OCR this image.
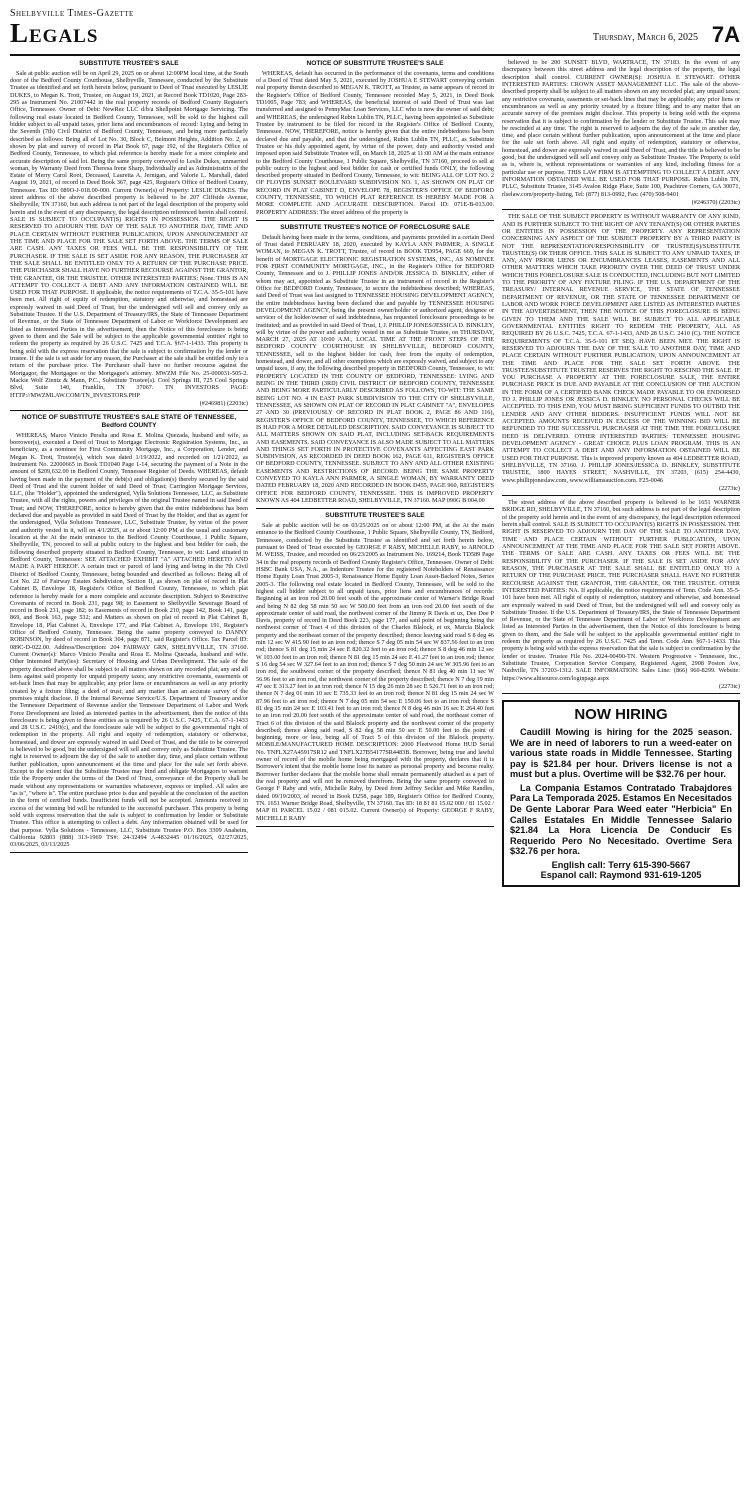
Shelbyville Times-Gazette
Legals	Thursday, March 6, 2025 7A
SUBSTITUTE TRUSTEE'S SALE

Sale at public auction will be on April 29, 2025 on or about 12:00PM local time, at the South door of the Bedford County Courthouse, Shelbyville, Tennessee, conducted by the Substitute Trustee as identified and set forth herein below, pursuant to Deed of Trust executed by LESLIE DUKES, to Megan K. Trott, Trustee, on August 19, 2021, at Record Book TD1020, Page 283-295 as Instrument No. 21007442 in the real property records of Bedford County Register's Office, Tennessee. Owner of Debt: NewRez LLC d/b/a Shellpoint Mortgage Servicing. The following real estate located in Bedford County, Tennessee, will be sold to the highest call bidder subject to all unpaid taxes, prior liens and encumbrances of record: Lying and being in the Seventh (7th) Civil District of Bedford County, Tennessee, and being more particularly described as follows: Being all of Lot No. 30, Block C, Belmont Heights, Addition No. 2, as shown by plat and survey of record in Plat Book 67, page 192, of the Register's Office of Bedford County, Tennessee, to which plat reference is hereby made for a more complete and accurate description of said lot. Being the same property conveyed to Leslie Dukes, unmarried woman, by Warranty Deed from Theresa Irene Sharp, Individually and as Administratrix of the Estate of Merry Carol Root, Deceased, Lauretta A. Jernigan, and Valorie L. Marshall, dated August 19, 2021, of record in Deed Book 367, page 425, Register's Office of Bedford County, Tennessee. Tax ID: 089O-J-018.00-000. Current Owner(s) of Property: LESLIE DUKES. The street address of the above described property is believed to be 207 Cliffside Avenue, Shelbyville, TN 37160, but such address is not part of the legal description of the property sold herein and in the event of any discrepancy, the legal description referenced herein shall control. SALE IS SUBJECT TO OCCUPANT(S) RIGHTS IN POSSESSION. THE RIGHT IS RESERVED TO ADJOURN THE DAY OF THE SALE TO ANOTHER DAY, TIME AND PLACE CERTAIN WITHOUT FURTHER PUBLICATION, UPON ANNOUNCEMENT AT THE TIME AND PLACE FOR THE SALE SET FORTH ABOVE. THE TERMS OF SALE ARE CASH. ANY TAXES OR FEES WILL BE THE RESPONSIBILITY OF THE PURCHASER. IF THE SALE IS SET ASIDE FOR ANY REASON, THE PURCHASER AT THE SALE SHALL BE ENTITLED ONLY TO A RETURN OF THE PURCHASE PRICE. THE PURCHASER SHALL HAVE NO FURTHER RECOURSE AGAINST THE GRANTOR, THE GRANTEE, OR THE TRUSTEE. OTHER INTERESTED PARTIES: None. THIS IS AN ATTEMPT TO COLLECT A DEBT AND ANY INFORMATION OBTAINED WILL BE USED FOR THAT PURPOSE. If applicable, the notice requirements of T.C.A. 35-5-101 have been met. All right of equity of redemption, statutory and otherwise, and homestead are expressly waived in said Deed of Trust, but the undersigned will sell and convey only as Substitute Trustee. If the U.S. Department of Treasury/IRS, the State of Tennessee Department of Revenue, or the State of Tennessee Department of Labor or Workforce Development are listed as Interested Parties in the advertisement, then the Notice of this foreclosure is being given to them and the Sale will be subject to the applicable governmental entities' right to redeem the property as required by 26 U.S.C. 7425 and T.C.A. §67-1-1433. This property is being sold with the express reservation that the sale is subject to confirmation by the lender or trustee. If the sale is set aside for any reason, the Purchaser at the sale shall be entitled only to a return of the purchase price. The Purchaser shall have no further recourse against the Mortgagor, the Mortgagee or the Mortgagee's attorney. MWZM File No. 25-000031-505-2. Mackie Wolf Zientz & Mann, P.C., Substitute Trustee(s). Cool Springs III, 725 Cool Springs Blvd, Suite 140, Franklin, TN 37067. TN INVESTORS PAGE: HTTP://MWZMLAW.COM/TN_INVESTORS.PHP

(#246981) (2203tc)
NOTICE OF SUBSTITUTE TRUSTEE'S SALE STATE OF TENNESSEE, Bedford COUNTY

WHEREAS, Marco Vinicio Peralta and Rosa E. Molina Quezada, husband and wife, as borrower(s), executed a Deed of Trust to Mortgage Electronic Registration Systems, Inc., as beneficiary, as a nominee for First Community Mortgage, Inc., a Corporation, Lender, and Megan K. Trott, Trustee(s), which was dated 1/19/2022, and recorded on 1/21/2022, as Instrument No. 22000665 in Book TD1040 Page 1-14, securing the payment of a Note in the amount of $209,632.00 in Bedford County, Tennessee Register of Deeds. WHEREAS, default having been made in the payment of the debt(s) and obligation(s) thereby secured by the said Deed of Trust and the current holder of said Deed of Trust; Carrington Mortgage Services, LLC, (the "Holder"), appointed the undersigned, Vylla Solutions Tennessee, LLC, as Substitute Trustee, with all the rights, powers and privileges of the original Trustee named in said Deed of Trust; and NOW, THEREFORE, notice is hereby given that the entire indebtedness has been declared due and payable as provided in said Deed of Trust by the Holder, and that as agent for the undersigned, Vylla Solutions Tennessee, LLC, Substitute Trustee, by virtue of the power and authority vested in it, will on 4/1/2025, at or about 12:00 PM at the usual and customary location at the At the main entrance to the Bedford County Courthouse, 1 Public Square, Shelbyville, TN, proceed to sell at public outcry to the highest and best bidder for cash, the following described property situated in Bedford County, Tennessee, to wit: Land situated in Bedford County, Tennessee: SEE ATTACHED EXHIBIT "A" ATTACHED HERETO AND MADE A PART HEREOF. A certain tract or parcel of land lying and being in the 7th Civil District of Bedford County, Tennessee, being bounded and described as follows: Being all of Lot No. 22 of Fairway Estates Subdivision, Section II, as shown on plat of record in Plat Cabinet B, Envelope 18, Register's Office of Bedford County, Tennessee, to which plat reference is hereby made for a more complete and accurate description. Subject to Restrictive Covenants of record in Book 231, page 98; to Easement to Shelbyville Sewerage Board of record in Book 231, page 182; to Easements of record in Book 210, page 142, Book 141, page 869, and Book 163, page 532; and Matters as shown on plat of record in Plat Cabinet B, Envelope 18, Plat Cabinet A, Envelope 177, and Plat Cabinet A, Envelope 191, Register's Office of Bedford County, Tennessee. Being the same property conveyed to DANNY ROBINSON, by deed of record in Book 304, page 871, said Register's Office. Tax Parcel ID: 089C-D-022.00. Address/Description: 204 FAIRWAY GRN, SHELBYVILLE, TN 37160. Current Owner(s): Marco Vinicio Peralta and Rosa E. Molina Quezada, husband and wife. Other Interested Party(ies): Secretary of Housing and Urban Development. The sale of the property described above shall be subject to all matters shown on any recorded plat; any and all liens against said property for unpaid property taxes; any restrictive covenants, easements or set-back lines that may be applicable; any prior liens or encumbrances as well as any priority created by a fixture filing; a deed of trust; and any matter than an accurate survey of the premises might disclose. If the Internal Revenue Service/U.S. Department of Treasury and/or the Tennessee Department of Revenue and/or the Tennessee Department of Labor and Work Force Development are listed as interested parties in the advertisement, then the notice of this foreclosure is being given to those entities as is required by 26 U.S.C. 7425, T.C.A. 67-1-1433 and 28 U.S.C. 2410(c), and the foreclosure sale will be subject to the governmental right of redemption in the property. All right and equity of redemption, statutory or otherwise, homestead, and dower are expressly waived in said Deed of Trust, and the title to be conveyed is believed to be good, but the undersigned will sell and convey only as Substitute Trustee. The right is reserved to adjourn the day of the sale to another day, time, and place certain without further publication, upon announcement at the time and place for the sale set forth above. Except to the extent that the Substitute Trustee may bind and obligate Mortgagors to warrant title the Property under the terms of the Deed of Trust, conveyance of the Property shall be made without any representations or warranties whatsoever, express or implied. All sales are "as is", "where is". The entire purchase price is due and payable at the conclusion of the auction in the form of certified funds. Insufficient funds will not be accepted. Amounts received in excess of the winning bid will be refunded to the successful purchaser. This property is being sold with express reservation that the sale is subject to confirmation by lender or Substitute Trustee. This office is attempting to collect a debt. Any information obtained will be used for that purpose. Vylla Solutions - Tennessee, LLC, Substitute Trustee P.O. Box 3309 Anaheim, California 92803 (888) 313-1969 TS#: 24-32494 A-4832445 01/16/2025, 02/27/2025, 03/06/2025, 03/13/2025

NOTICE OF SUBSTITUTE TRUSTEE'S SALE

WHEREAS, default has occurred in the performance of the covenants, terms and conditions of a Deed of Trust dated May 5, 2021, executed by JOSHUA E STEWART conveying certain real property therein described to MEGAN K. TROTT, as Trustee, as same appears of record in the Register's Office of Bedford County, Tennessee recorded May 5, 2021, in Deed Book TD1005, Page 783; and WHEREAS, the beneficial interest of said Deed of Trust was last transferred and assigned to PennyMac Loan Services, LLC who is now the owner of said debt; and WHEREAS, the undersigned Rubin Lublin TN, PLLC, having been appointed as Substitute Trustee by instrument to be filed for record in the Register's Office of Bedford County, Tennessee. NOW, THEREFORE, notice is hereby given that the entire indebtedness has been declared due and payable, and that the undersigned, Rubin Lublin TN, PLLC, as Substitute Trustee or his duly appointed agent, by virtue of the power, duty and authority vested and imposed upon said Substitute Trustee will, on March 18, 2025 at 11:00 AM at the main entrance to the Bedford County Courthouse, 1 Public Square, Shelbyville, TN 37160, proceed to sell at public outcry to the highest and best bidder for cash or certified funds ONLY, the following described property situated in Bedford County, Tennessee, to wit: BEING ALL OF LOT NO. 2 OF FLOYDS SUNSET BOULEVARD SUBDIVISION NO. 1, AS SHOWN ON PLAT OF RECORD IN PLAT CABINET D, ENVELOPE 78, REGISTER'S OFFICE OF BEDFORD COUNTY, TENNESSEE, TO WHICH PLAT REFERENCE IS HEREBY MADE FOR A MORE COMPLETE AND ACCURATE DESCRIPTION. Parcel ID: 071E-B-013.00. PROPERTY ADDRESS: The street address of the property is

SUBSTITUTE TRUSTEE'S NOTICE OF FORECLOSURE SALE

Default having been made in the terms, conditions, and payments provided in a certain Deed of Trust dated FEBRUARY 18, 2020, executed by KAYLA ANN PARMER, A SINGLE WOMAN, to MEGAN K. TROTT, Trustee, of record in BOOK TD954, PAGE 669, for the benefit of MORTGAGE ELECTRONIC REGISTRATION SYSTEMS, INC., AS NOMINEE FOR FIRST COMMUNITY MORTGAGE, INC., in the Register's Office for BEDFORD County, Tennessee and to J. PHILLIP JONES AND/OR JESSICA D. BINKLEY, either of whom may act, appointed as Substitute Trustee in an instrument of record in the Register's Office for BEDFORD County, Tennessee, to secure the indebtedness described; WHEREAS, said Deed of Trust was last assigned to TENNESSEE HOUSING DEVELOPMENT AGENCY, the entire indebtedness having been declared due and payable by TENNESSEE HOUSING DEVELOPMENT AGENCY, being the present owner/holder or authorized agent, designee or servicer of the holder/owner of said indebtedness, has requested foreclosure proceedings to be instituted; and as provided in said Deed of Trust, I, J. PHILLIP JONES/JESSICA D. BINKLEY, will by virtue of the power and authority vested in me as Substitute Trustee, on THURSDAY, MARCH 27, 2025 AT 10:00 A.M., LOCAL TIME AT THE FRONT STEPS OF THE BEDFORD COUNTY COURTHOUSE IN SHELBYVILLE, BEDFORD COUNTY, TENNESSEE, sell to the highest bidder for cash, free from the equity of redemption, homestead, and dower, and all other exemptions which are expressly waived, and subject to any unpaid taxes, if any, the following described property in BEDFORD County, Tennessee, to wit: PROPERTY LOCATED IN THE COUNTY OF BEDFORD, TENNESSEE: LYING AND BEING IN THE THIRD (3RD) CIVIL DISTRICT OF BEDFORD COUNTY, TENNESSEE AND BEING MORE PARTICULARLY DESCRIBED AS FOLLOWS, TO-WIT: THE SAME BEING LOT NO. 4 IN EAST PARK SUBDIVISION TO THE CITY OF SHELBYVILLE, TENNESSEE, AS SHOWN ON PLAT OF RECORD IN PLAT CABINET "A", ENVELOPES 27 AND 30 (PREVIOUSLY OF RECORD IN PLAT BOOK 2, PAGE 86 AND 116), REGISTER'S OFFICE OF BEDFORD COUNTY, TENNESSEE, TO WHICH REFERENCE IS HAD FOR A MORE DETAILED DESCRIPTION. SAID CONVEYANCE IS SUBJECT TO ALL MATTERS SHOWN ON SAID PLAT, INCLUDING SET-BACK REQUIREMENTS AND EASEMENTS. SAID CONVEYANCE IS ALSO MADE SUBJECT TO ALL MATTERS AND THINGS SET FORTH IN PROTECTIVE COVENANTS AFFECTING EAST PARK SUBDIVISION, AS RECORDED IN DEED BOOK 162, PAGE 611, REGISTER'S OFFICE OF BEDFORD COUNTY, TENNESSEE. SUBJECT TO ANY AND ALL OTHER EXISTING EASEMENTS AND RESTRICTIONS OF RECORD. BEING THE SAME PROPERTY CONVEYED TO KAYLA ANN PARMER, A SINGLE WOMAN, BY WARRANTY DEED DATED FEBRUARY 18, 2020 AND RECORDED IN BOOK D455, PAGE 960, REGISTER'S OFFICE FOR BEDFORD COUNTY, TENNESSEE. THIS IS IMPROVED PROPERTY KNOWN AS 404 LEDBETTER ROAD, SHELBYVILLE, TN 37160. MAP 090G B 004.00

SUBSTITUTE TRUSTEE'S SALE

Sale at public auction will be on 03/25/2025 on or about 12:00 PM, at the At the main entrance to the Bedford County Courthouse, 1 Public Square, Shelbyville County, TN, Bedford, Tennessee, conducted by the Substitute Trustee as identified and set forth herein below, pursuant to Deed of Trust executed by GEORGE F RABY, MICHELLE RABY, to ARNOLD M. WEISS, Trustee, and recorded on 06/23/2005 as Instrument No. 169214, Book TD589 Page 34 in the real property records of Bedford County Register's Office, Tennessee. Owner of Debt: HSBC Bank USA, N.A., as Indenture Trustee for the registered Noteholders of Renaissance Home Equity Loan Trust 2005-3, Renaissance Home Equity Loan Asset-Backed Notes, Series 2005-3. The following real estate located in Bedford County, Tennessee, will be sold to the highest call bidder subject to all unpaid taxes, prior liens and encumbrances of records: Beginning at an iron rod 20.00 feet south of the approximate center of Warner's Bridge Road and being N 82 deg 58 min 50 sec W 500.00 feet from an iron rod 20.00 feet south of the approximate center of said road, the northwest corner of the Jimmy R Davis et ux, Dee Doe P Davis, property of record in Deed Book 223, page 177, and said point of beginning being the northwest corner of Tract 4 of this division of the Charles Blalock, et ux, Marcia Blalock property and the northeast corner of the property described; thence leaving said road S 8 deg 46 min 12 sec W 415.90 feet to an iron rod; thence S 7 deg 05 min 54 sec W 837.56 feet to an iron rod; thence S 81 deg 15 min 24 sec E 820.32 feet to an iron rod; thence S 8 deg 46 min 12 sec W 103.00 feet to an iron rod; thence N 81 deg 15 min 24 sec E 41.27 feet to an iron rod; thence S 16 deg 54 sec W 327.64 feet to an iron rod; thence S 7 deg 50 min 24 sec W 305.96 feet to an iron rod, the southwest corner of the property described; thence N 81 deg 40 min 11 sec W 56.96 feet to an iron rod, the northwest corner of the property described; thence N 7 deg 19 min 47 sec E 313.27 feet to an iron rod; thence N 15 deg 26 min 28 sec E 526.71 feet to an iron rod; thence N 7 deg 01 min 10 sec E 735.33 feet to an iron rod; thence N 81 deg 15 min 24 sec W 87.96 feet to an iron rod; thence N 7 deg 05 min 54 sec E 150.06 feet to an iron rod; thence S 81 deg 15 min 24 sec E 103.41 feet to an iron rod; thence N 8 deg 46 min 16 sec E 264.40 feet to an iron rod 20.00 feet south of the approximate center of said road, the northeast corner of Tract 6 of this division of the said Blalock property and the northwest corner of the property described; thence along said road, S 82 deg 58 min 50 sec E 50.00 feet to the point of beginning, more or less, being all of Tract 5 of this division of the Blalock property. MOBILE/MANUFACTURED HOME DESCRIPTION: 2000 Fleetwood Home HUD Serial No. TNFLX27A45917SR12 and TNFLX27B54177SR4483B. Borrower, being true and lawful owner of record of the mobile home being mortgaged with the property, declares that it is Borrower's intent that the mobile home lose its nature as personal property and become realty. Borrower further declares that the mobile home shall remain permanently attached as a part of the real property and will not be removed therefrom. Being the same property conveyed to George F Raby and wife, Michelle Raby, by Deed from Jeffrey Seckler and Mike Randles, dated 09/19/2003, of record in Book D258, page 189, Register's Office for Bedford County, TN. 1651 Warner Bridge Road, Shelbyville, TN 37160. Tax ID: 18 81 81 15.02 000 / 81 15.02 / MAP 81 PARCEL 15.02 / 081 015.02. Current Owner(s) of Property: GEORGE F RABY, MICHELLE RABY

believed to be 200 SUNSET BLVD, WARTRACE, TN 37183. In the event of any discrepancy between this street address and the legal description of the property, the legal description shall control. CURRENT OWNER(S): JOSHUA E STEWART. OTHER INTERESTED PARTIES: CROWN ASSET MANAGEMENT LLC. The sale of the above-described property shall be subject to all matters shown on any recorded plat; any unpaid taxes; any restrictive covenants, easements or set-back lines that may be applicable; any prior liens or encumbrances as well as any priority created by a fixture filing; and to any matter that an accurate survey of the premises might disclose. This property is being sold with the express reservation that it is subject to confirmation by the lender or Substitute Trustee. This sale may be rescinded at any time. The right is reserved to adjourn the day of the sale to another day, time, and place certain without further publication, upon announcement at the time and place for the sale set forth above. All right and equity of redemption, statutory or otherwise, homestead, and dower are expressly waived in said Deed of Trust, and the title is believed to be good, but the undersigned will sell and convey only as Substitute Trustee. The Property is sold as is, where is, without representations or warranties of any kind, including fitness for a particular use or purpose. THIS LAW FIRM IS ATTEMPTING TO COLLECT A DEBT. ANY INFORMATION OBTAINED WILL BE USED FOR THAT PURPOSE. Rubin Lublin TN, PLLC, Substitute Trustee, 3145 Avalon Ridge Place, Suite 100, Peachtree Corners, GA 30071, rlselaw.com/property-listing, Tel: (877) 813-0992, Fax: (470) 508-9401

(#246370) (2203tc)

THE SALE OF THE SUBJECT PROPERTY IS WITHOUT WARRANTY OF ANY KIND, AND IS FURTHER SUBJECT TO THE RIGHT OF ANY TENANT(S) OR OTHER PARTIES OR ENTITIES IN POSSESSION OF THE PROPERTY. ANY REPRESENTATION CONCERNING ANY ASPECT OF THE SUBJECT PROPERTY BY A THIRD PARTY IS NOT THE REPRESENTATION/RESPONSIBILITY OF TRUSTEE(S)/SUBSTITUTE TRUSTEE(S) OR THEIR OFFICE. THIS SALE IS SUBJECT TO ANY UNPAID TAXES, IF ANY, ANY PRIOR LIENS OR ENCUMBRANCES LEASES, EASEMENTS AND ALL OTHER MATTERS WHICH TAKE PRIORITY OVER THE DEED OF TRUST UNDER WHICH THIS FORECLOSURE SALE IS CONDUCTED, INCLUDING BUT NOT LIMITED TO THE PRIORITY OF ANY FIXTURE FILING. IF THE U.S. DEPARTMENT OF THE TREASURY/ INTERNAL REVENUE SERVICE, THE STATE OF TENNESSEE DEPARTMENT OF REVENUE, OR THE STATE OF TENNESSEE DEPARTMENT OF LABOR AND WORK FORCE DEVELOPMENT ARE LISTED AS INTERESTED PARTIES IN THE ADVERTISEMENT, THEN THE NOTICE OF THIS FORECLOSURE IS BEING GIVEN TO THEM AND THE SALE WILL BE SUBJECT TO ALL APPLICABLE GOVERNMENTAL ENTITIES RIGHT TO REDEEM THE PROPERTY, ALL AS REQUIRED BY 26 U.S.C. 7425, T.C.A. 67-1-1433, AND 28 U.S.C. 2410 (C). THE NOTICE REQUIREMENTS OF T.C.A. 35-5-101 ET SEQ. HAVE BEEN MET. THE RIGHT IS RESERVED TO ADJOURN THE DAY OF THE SALE TO ANOTHER DAY, TIME AND PLACE CERTAIN WITHOUT FURTHER PUBLICATION, UPON ANNOUNCEMENT AT THE TIME AND PLACE FOR THE SALE SET FORTH ABOVE. THE TRUSTEE/SUBSTITUTE TRUSTEE RESERVES THE RIGHT TO RESCIND THE SALE. IF YOU PURCHASE A PROPERTY AT THE FORECLOSURE SALE, THE ENTIRE PURCHASE PRICE IS DUE AND PAYABLE AT THE CONCLUSION OF THE AUCTION IN THE FORM OF A CERTIFIED BANK CHECK MADE PAYABLE TO OR ENDORSED TO J. PHILLIP JONES OR JESSICA D. BINKLEY. NO PERSONAL CHECKS WILL BE ACCEPTED. TO THIS END, YOU MUST BRING SUFFICIENT FUNDS TO OUTBID THE LENDER AND ANY OTHER BIDDERS. INSUFFICIENT FUNDS WILL NOT BE ACCEPTED. AMOUNTS RECEIVED IN EXCESS OF THE WINNING BID WILL BE REFUNDED TO THE SUCCESSFUL PURCHASER AT THE TIME THE FORECLOSURE DEED IS DELIVERED. OTHER INTERESTED PARTIES: TENNESSEE HOUSING DEVELOPMENT AGENCY - GREAT CHOICE PLUS LOAN PROGRAM. THIS IS AN ATTEMPT TO COLLECT A DEBT AND ANY INFORMATION OBTAINED WILL BE USED FOR THAT PURPOSE. This is improved property known as 404 LEDBETTER ROAD, SHELBYVILLE, TN 37160. J. PHILLIP JONES/JESSICA D. BINKLEY, SUBSTITUTE TRUSTEE, 1800 HAYES STREET, NASHVILLE, TN 37203, (615) 254-4430, www.phillipjoneslaw.com, www.williamsauction.com. F25-0046

(2273tc)

The street address of the above described property is believed to be 1651 WARNER BRIDGE RD, SHELBYVILLE, TN 37160, but such address is not part of the legal description of the property sold herein and in the event of any discrepancy, the legal description referenced herein shall control. SALE IS SUBJECT TO OCCUPANT(S) RIGHTS IN POSSESSION. THE RIGHT IS RESERVED TO ADJOURN THE DAY OF THE SALE TO ANOTHER DAY, TIME AND PLACE CERTAIN WITHOUT FURTHER PUBLICATION, UPON ANNOUNCEMENT AT THE TIME AND PLACE FOR THE SALE SET FORTH ABOVE. THE TERMS OF SALE ARE CASH. ANY TAXES OR FEES WILL BE THE RESPONSIBILITY OF THE PURCHASER. IF THE SALE IS SET ASIDE FOR ANY REASON, THE PURCHASER AT THE SALE SHALL BE ENTITLED ONLY TO A RETURN OF THE PURCHASE PRICE. THE PURCHASER SHALL HAVE NO FURTHER RECOURSE AGAINST THE GRANTOR, THE GRANTEE, OR THE TRUSTEE. OTHER INTERESTED PARTIES: NA. If applicable, the notice requirements of Tenn. Code Ann. 35-5-101 have been met. All right of equity of redemption, statutory and otherwise, and homestead are expressly waived in said Deed of Trust, but the undersigned will sell and convey only as Substitute Trustee. If the U.S. Department of Treasury/IRS, the State of Tennessee Department of Revenue, or the State of Tennessee Department of Labor or Workforce Development are listed as Interested Parties in the advertisement, then the Notice of this foreclosure is being given to them, and the Sale will be subject to the applicable governmental entities' right to redeem the property as required by 26 U.S.C. 7425 and Tenn. Code Ann. §67-1-1433. This property is being sold with the express reservation that the sale is subject to confirmation by the lender or trustee. Trustee File No. 2024-00490-TN. Western Progressive - Tennessee, Inc., Substitute Trustee, Corporation Service Company, Registered Agent, 2908 Poston Ave, Nashville, TN 37203-1312. SALE INFORMATION: Sales Line: (866) 960-8299. Website: https://www.altisource.com/loginpage.aspx

(2273tc)
NOW HIRING

Caudill Mowing is hiring for the 2025 season. We are in need of laborers to run a weed-eater on various state roads in Middle Tennessee. Starting pay is $21.84 per hour. Drivers license is not a must but a plus. Overtime will be $32.76 per hour.

La Compania Estamos Contratado Trabajdores Para La Temporada 2025. Estamos En Necesitados De Gente Laborar Para Weed eater "Herbicia" En Calles Estatales En Middle Tennessee Salario $21.84 La Hora Licencia De Conducir Es Requerido Pero No Necesitado. Overtime Sera $32.76 per hora.

English call: Terry 615-390-5667

Espanol call: Raymond 931-619-1205
